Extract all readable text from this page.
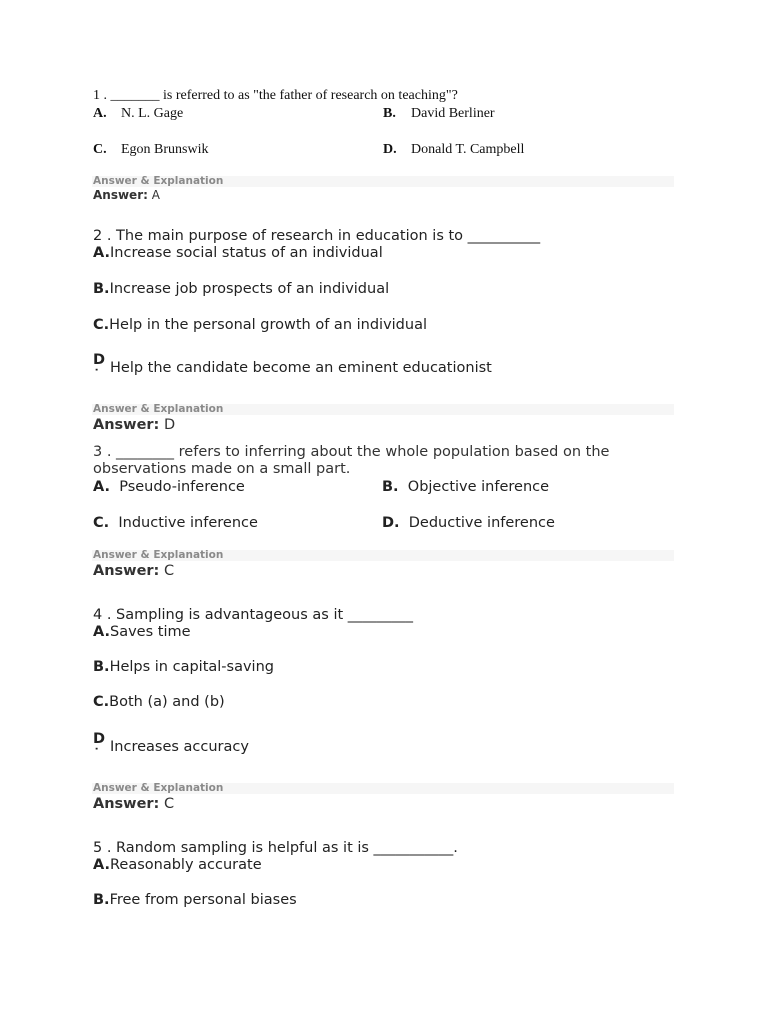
1 . _______ is referred to as "the father of research on teaching"?
A. N. L. Gage	B. David Berliner
C. Egon Brunswik	D. Donald T. Campbell
Answer & Explanation
Answer: A
2 . The main purpose of research in education is to __________
A.Increase social status of an individual
B.Increase job prospects of an individual
C.Help in the personal growth of an individual
D
˙ Help the candidate become an eminent educationist
Answer & Explanation
Answer: D
3 . ________ refers to inferring about the whole population based on the observations made on a small part.
A. Pseudo-inference	B. Objective inference
C. Inductive inference	D. Deductive inference
Answer & Explanation
Answer: C
4 . Sampling is advantageous as it _________
A.Saves time
B.Helps in capital-saving
C.Both (a) and (b)
D
˙ Increases accuracy
Answer & Explanation
Answer: C
5 . Random sampling is helpful as it is ___________.
A.Reasonably accurate
B.Free from personal biases
